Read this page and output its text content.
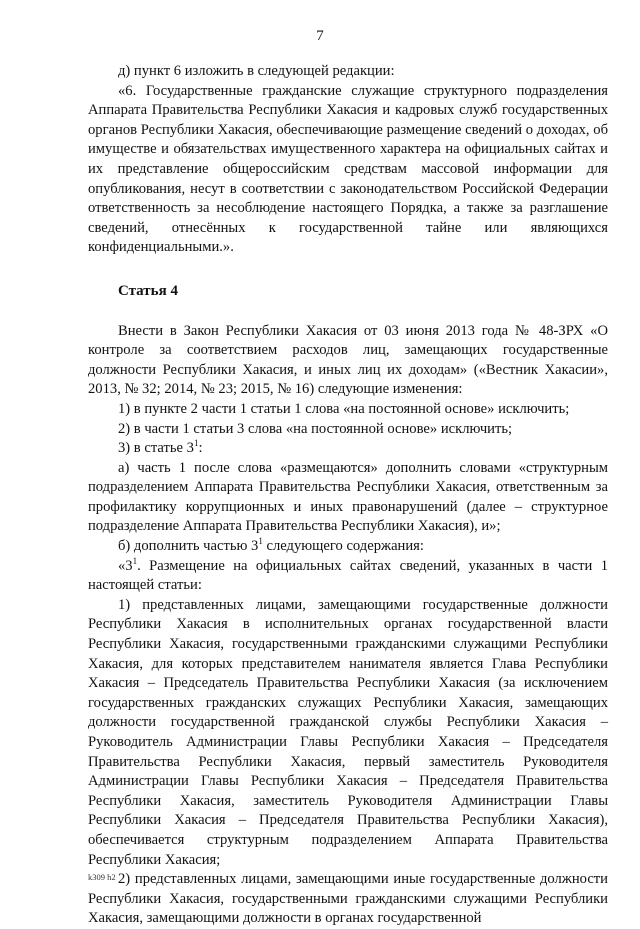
7

д) пункт 6 изложить в следующей редакции:

«6. Государственные гражданские служащие структурного подразделения Аппарата Правительства Республики Хакасия и кадровых служб государственных органов Республики Хакасия, обеспечивающие размещение сведений о доходах, об имуществе и обязательствах имущественного характера на официальных сайтах и их представление общероссийским средствам массовой информации для опубликования, несут в соответствии с законодательством Российской Федерации ответственность за несоблюдение настоящего Порядка, а также за разглашение сведений, отнесённых к государственной тайне или являющихся конфиденциальными.».

Статья 4

Внести в Закон Республики Хакасия от 03 июня 2013 года № 48-ЗРХ «О контроле за соответствием расходов лиц, замещающих государственные должности Республики Хакасия, и иных лиц их доходам» («Вестник Хакасии», 2013, № 32; 2014, № 23; 2015, № 16) следующие изменения:

1) в пункте 2 части 1 статьи 1 слова «на постоянной основе» исключить;

2) в части 1 статьи 3 слова «на постоянной основе» исключить;

3) в статье $3^1$:

а) часть 1 после слова «размещаются» дополнить словами «структурным подразделением Аппарата Правительства Республики Хакасия, ответственным за профилактику коррупционных и иных правонарушений (далее – структурное подразделение Аппарата Правительства Республики Хакасия), и»;

б) дополнить частью $3^1$ следующего содержания:

«$3^1$. Размещение на официальных сайтах сведений, указанных в части 1 настоящей статьи:

1) представленных лицами, замещающими государственные должности Республики Хакасия в исполнительных органах государственной власти Республики Хакасия, государственными гражданскими служащими Республики Хакасия, для которых представителем нанимателя является Глава Республики Хакасия – Председатель Правительства Республики Хакасия (за исключением государственных гражданских служащих Республики Хакасия, замещающих должности государственной гражданской службы Республики Хакасия – Руководитель Администрации Главы Республики Хакасия – Председателя Правительства Республики Хакасия, первый заместитель Руководителя Администрации Главы Республики Хакасия – Председателя Правительства Республики Хакасия, заместитель Руководителя Администрации Главы Республики Хакасия – Председателя Правительства Республики Хакасия), обеспечивается структурным подразделением Аппарата Правительства Республики Хакасия;

2) представленных лицами, замещающими иные государственные должности Республики Хакасия, государственными гражданскими служащими Республики Хакасия, замещающими должности в органах государственной

k309 h2
